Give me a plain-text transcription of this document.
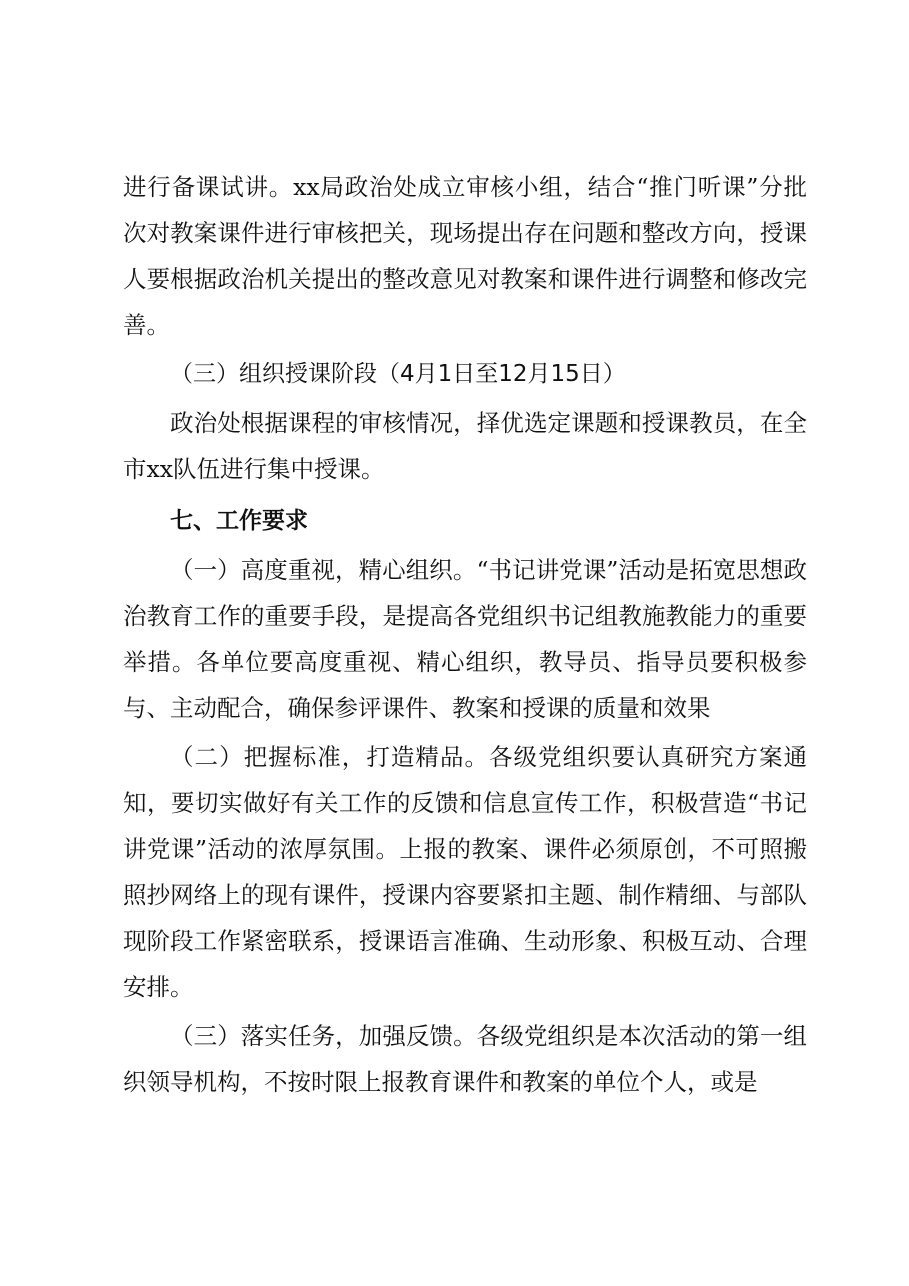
进行备课试讲。xx局政治处成立审核小组，结合“推门听课”分批次对教案课件进行审核把关，现场提出存在问题和整改方向，授课人要根据政治机关提出的整改意见对教案和课件进行调整和修改完善。

（三）组织授课阶段（4月1日至12月15日）

政治处根据课程的审核情况，择优选定课题和授课教员，在全市xx队伍进行集中授课。

七、工作要求

（一）高度重视，精心组织。“书记讲党课”活动是拓宽思想政治教育工作的重要手段，是提高各党组织书记组教施教能力的重要举措。各单位要高度重视、精心组织，教导员、指导员要积极参与、主动配合，确保参评课件、教案和授课的质量和效果

（二）把握标准，打造精品。各级党组织要认真研究方案通知，要切实做好有关工作的反馈和信息宣传工作，积极营造“书记讲党课”活动的浓厚氛围。上报的教案、课件必须原创，不可照搬照抄网络上的现有课件，授课内容要紧扣主题、制作精细、与部队现阶段工作紧密联系，授课语言准确、生动形象、积极互动、合理安排。

（三）落实任务，加强反馈。各级党组织是本次活动的第一组织领导机构，不按时限上报教育课件和教案的单位个人，或是
